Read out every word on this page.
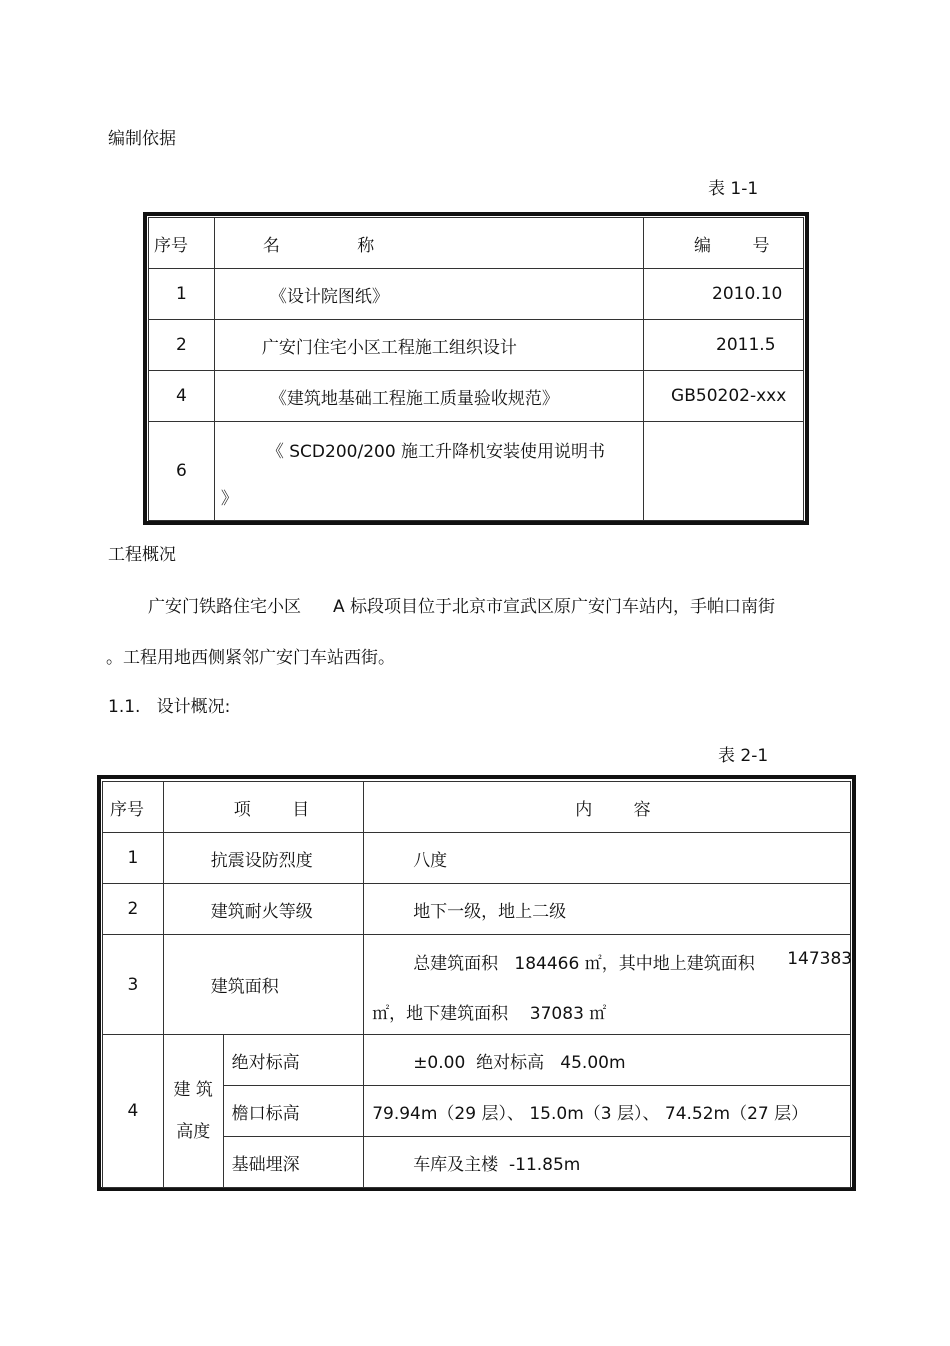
编制依据
表 1-1
序号	名 称	编 号
1	《设计院图纸》	2010.10
2	广安门住宅小区工程施工组织设计	2011.5
4	《建筑地基础工程施工质量验收规范》	GB50202-xxx
6	《 SCD200/200 施工升降机安装使用说明书
》	

工程概况
广安门铁路住宅小区 A 标段项目位于北京市宣武区原广安门车站内，手帕口南街
。工程用地西侧紧邻广安门车站西街。
1.1.   设计概况:
表 2-1
序号	项 目		内 容
1	抗震设防烈度		八度
2	建筑耐火等级		地下一级，地上二级
3	建筑面积		总建筑面积   184466 ㎡，其中地上建筑面积 147383
㎡，地下建筑面积    37083 ㎡

4	建 筑
高度	绝对标高	±0.00  绝对标高   45.00m
		檐口标高	79.94m（29 层）、 15.0m（3 层）、 74.52m（27 层）
		基础埋深	车库及主楼  -11.85m
